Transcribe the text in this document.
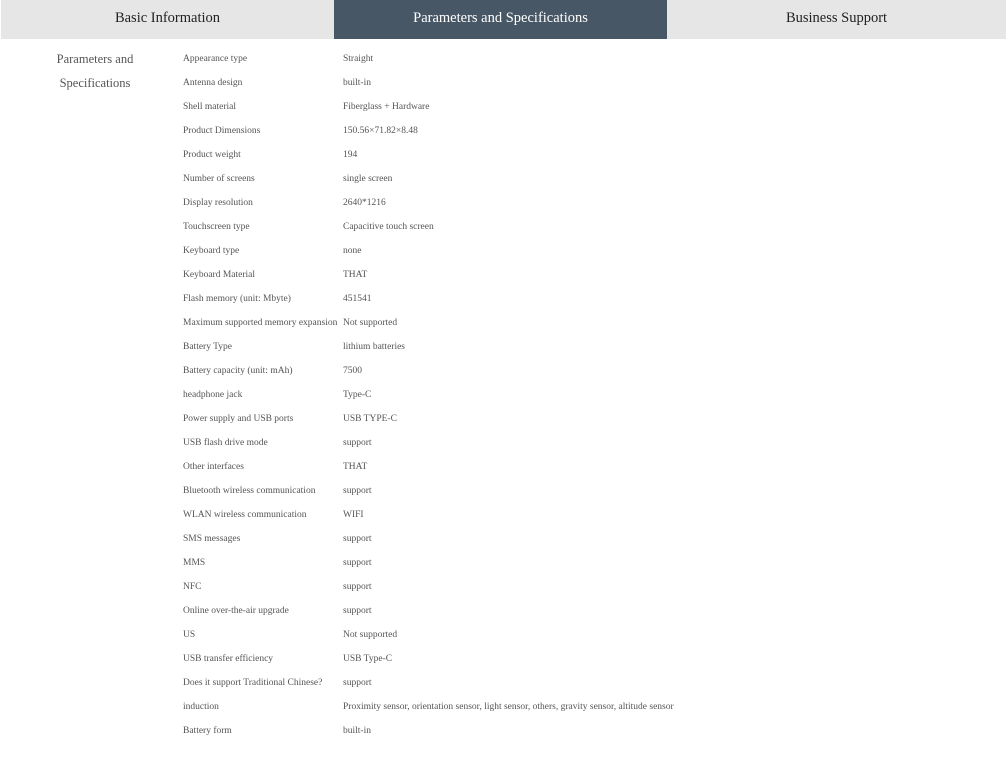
Basic Information	Parameters and Specifications	Business Support
Parameters and
Specifications
Appearance type	Straight
Antenna design	built-in
Shell material	Fiberglass + Hardware
Product Dimensions	150.56×71.82×8.48
Product weight	194
Number of screens	single screen
Display resolution	2640*1216
Touchscreen type	Capacitive touch screen
Keyboard type	none
Keyboard Material	THAT
Flash memory (unit: Mbyte)	451541
Maximum supported memory expansion Not supported
Battery Type	lithium batteries
Battery capacity (unit: mAh)	7500
headphone jack	Type-C
Power supply and USB ports	USB TYPE-C
USB flash drive mode	support
Other interfaces	THAT
Bluetooth wireless communication	support
WLAN wireless communication	WIFI
SMS messages	support
MMS	support
NFC	support
Online over-the-air upgrade	support
US	Not supported
USB transfer efficiency	USB Type-C
Does it support Traditional Chinese?	support
induction	Proximity sensor, orientation sensor, light sensor, others, gravity sensor, altitude sensor
Battery form	built-in
